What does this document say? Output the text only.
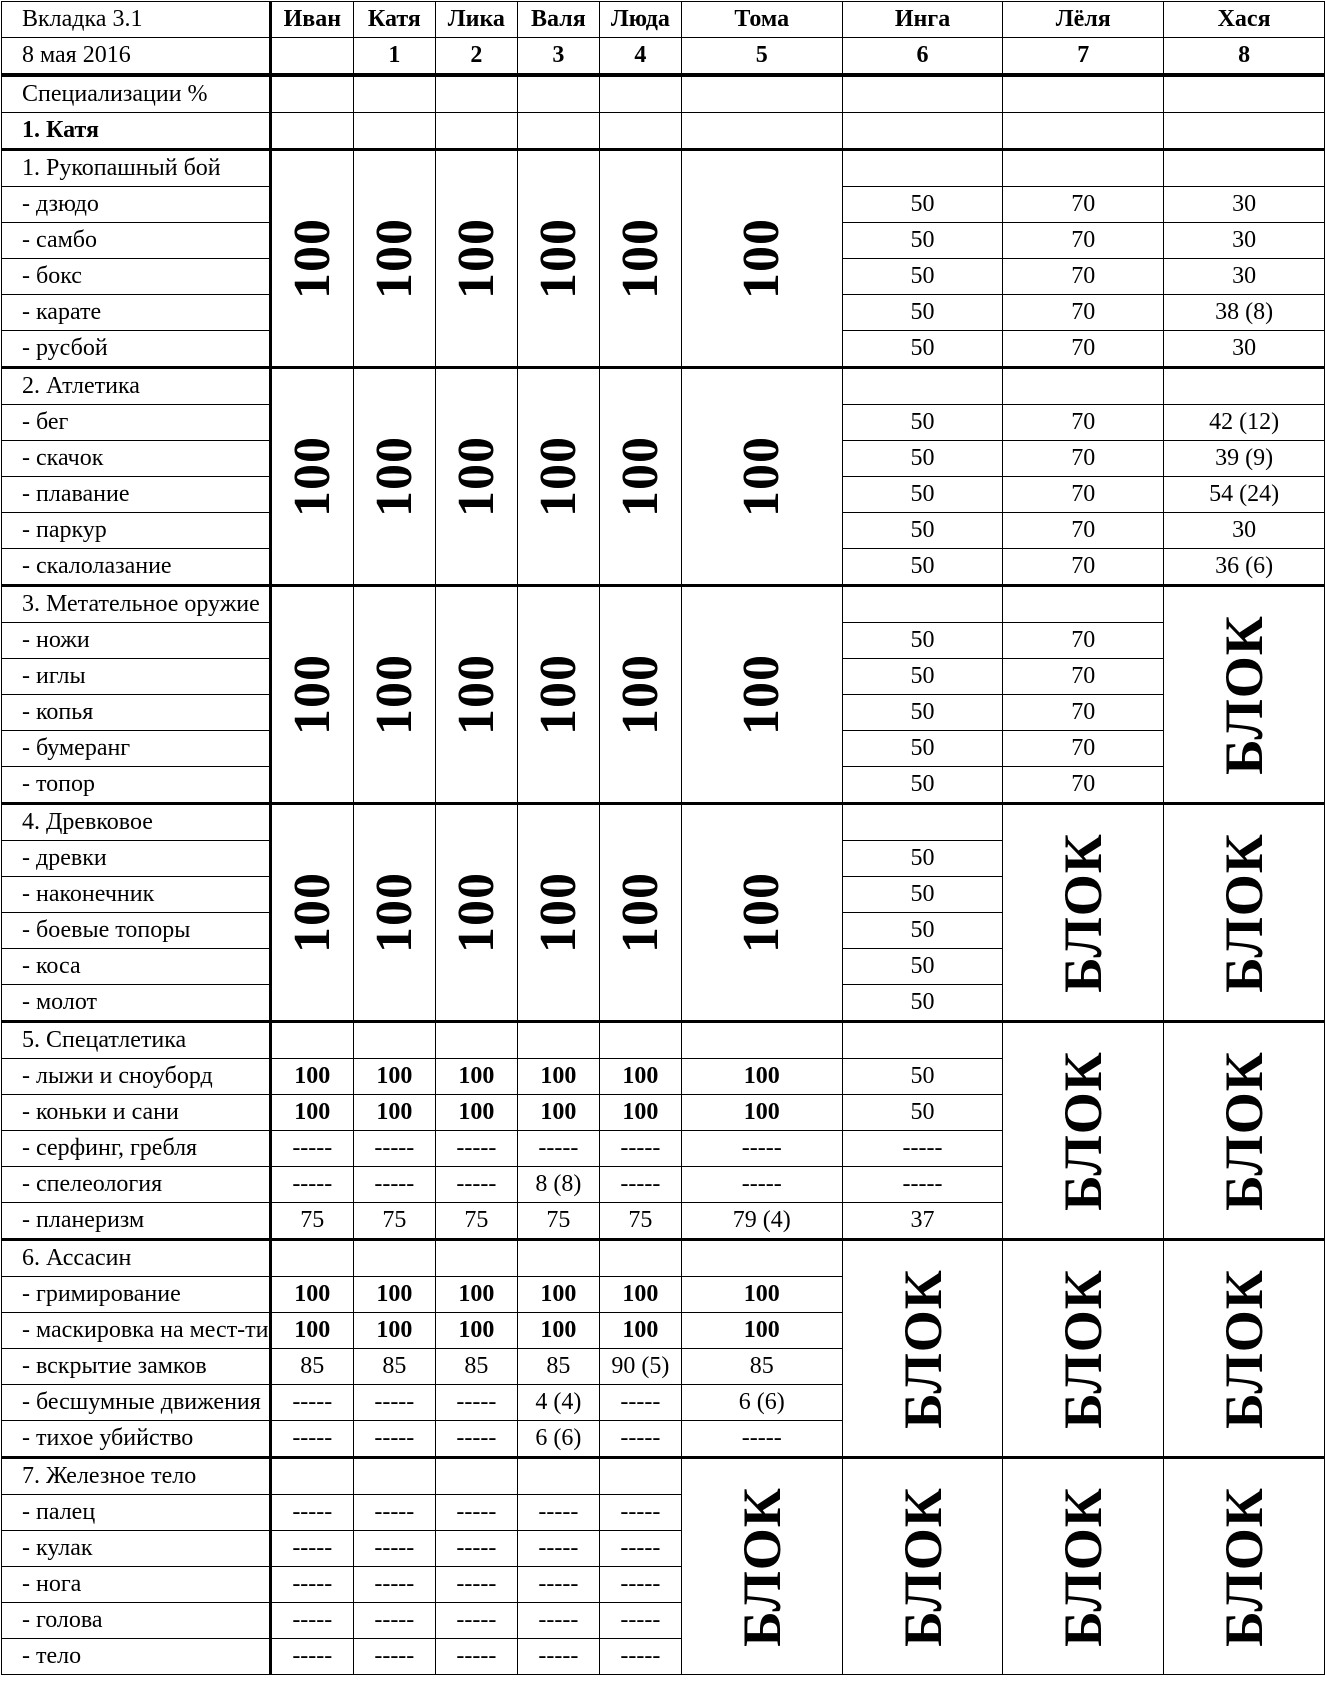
Вкладка 3.1	Иван	Катя	Лика	Валя	Люда	Тома	Инга	Лёля	Хася
8 мая 2016		1	2	3	4	5	6	7	8
Специализации %									
1. Катя									
1. Рукопашный бой	100	100	100	100	100	100			
- дзюдо							50	70	30
- самбо							50	70	30
- бокс							50	70	30
- карате							50	70	38 (8)
- русбой							50	70	30
2. Атлетика	100	100	100	100	100	100			
- бег							50	70	42 (12)
- скачок							50	70	39 (9)
- плавание							50	70	54 (24)
- паркур							50	70	30
- скалолазание							50	70	36 (6)
3. Метательное оружие	100	100	100	100	100	100			БЛОК
- ножи							50	70	
- иглы							50	70	
- копья							50	70	
- бумеранг							50	70	
- топор							50	70	
4. Древковое	100	100	100	100	100	100		БЛОК	БЛОК
- древки							50		
- наконечник							50		
- боевые топоры							50		
- коса							50		
- молот							50		
5. Спецатлетика								БЛОК	БЛОК
- лыжи и сноуборд	100	100	100	100	100	100	50		
- коньки и сани	100	100	100	100	100	100	50		
- серфинг, гребля	-----	-----	-----	-----	-----	-----	-----		
- спелеология	-----	-----	-----	8 (8)	-----	-----	-----		
- планеризм	75	75	75	75	75	79 (4)	37		
6. Ассасин							БЛОК	БЛОК	БЛОК
- гримирование	100	100	100	100	100	100			
- маскировка на мест-ти	100	100	100	100	100	100			
- вскрытие замков	85	85	85	85	90 (5)	85			
- бесшумные движения	-----	-----	-----	4 (4)	-----	6 (6)			
- тихое убийство	-----	-----	-----	6 (6)	-----	-----			
7. Железное тело						БЛОК	БЛОК	БЛОК	БЛОК
- палец	-----	-----	-----	-----	-----				
- кулак	-----	-----	-----	-----	-----				
- нога	-----	-----	-----	-----	-----				
- голова	-----	-----	-----	-----	-----				
- тело	-----	-----	-----	-----	-----				
